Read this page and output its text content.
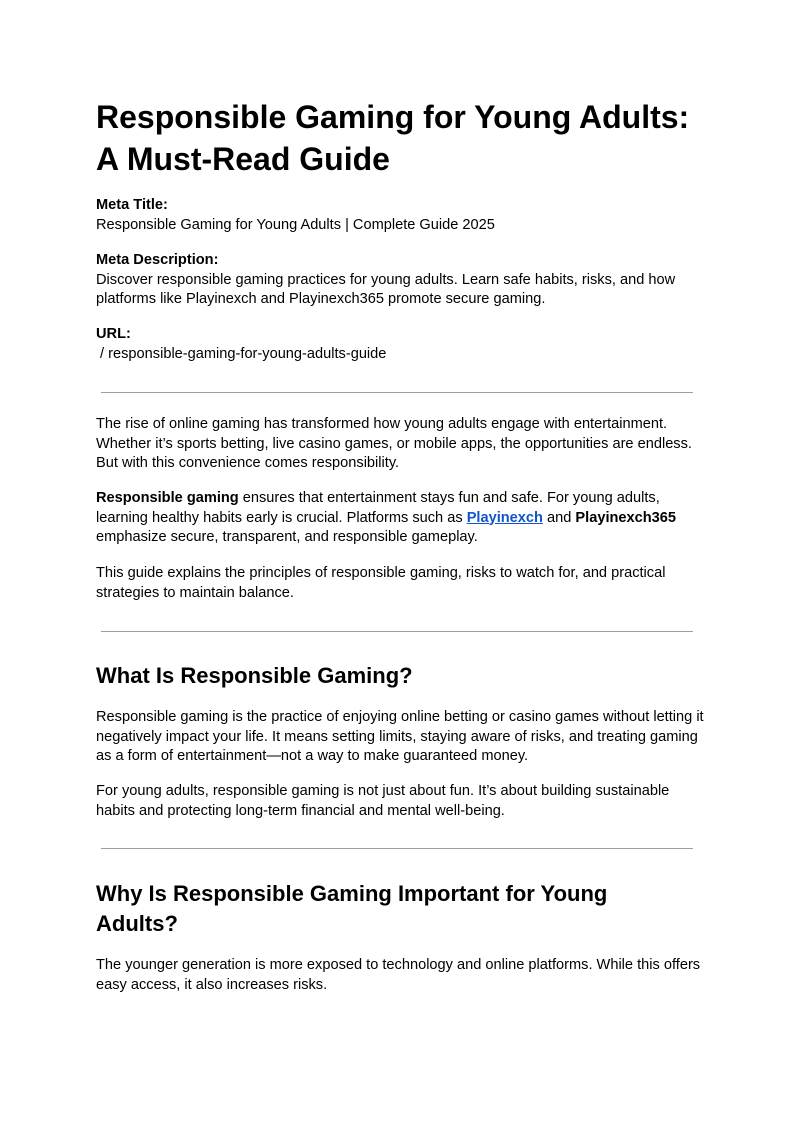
Responsible Gaming for Young Adults: A Must-Read Guide
Meta Title:
Responsible Gaming for Young Adults | Complete Guide 2025
Meta Description:
Discover responsible gaming practices for young adults. Learn safe habits, risks, and how platforms like Playinexch and Playinexch365 promote secure gaming.
URL:
/ responsible-gaming-for-young-adults-guide

The rise of online gaming has transformed how young adults engage with entertainment. Whether it’s sports betting, live casino games, or mobile apps, the opportunities are endless. But with this convenience comes responsibility.

Responsible gaming ensures that entertainment stays fun and safe. For young adults, learning healthy habits early is crucial. Platforms such as Playinexch and Playinexch365 emphasize secure, transparent, and responsible gameplay.

This guide explains the principles of responsible gaming, risks to watch for, and practical strategies to maintain balance.

What Is Responsible Gaming?

Responsible gaming is the practice of enjoying online betting or casino games without letting it negatively impact your life. It means setting limits, staying aware of risks, and treating gaming as a form of entertainment—not a way to make guaranteed money.

For young adults, responsible gaming is not just about fun. It’s about building sustainable habits and protecting long-term financial and mental well-being.

Why Is Responsible Gaming Important for Young Adults?

The younger generation is more exposed to technology and online platforms. While this offers easy access, it also increases risks.
